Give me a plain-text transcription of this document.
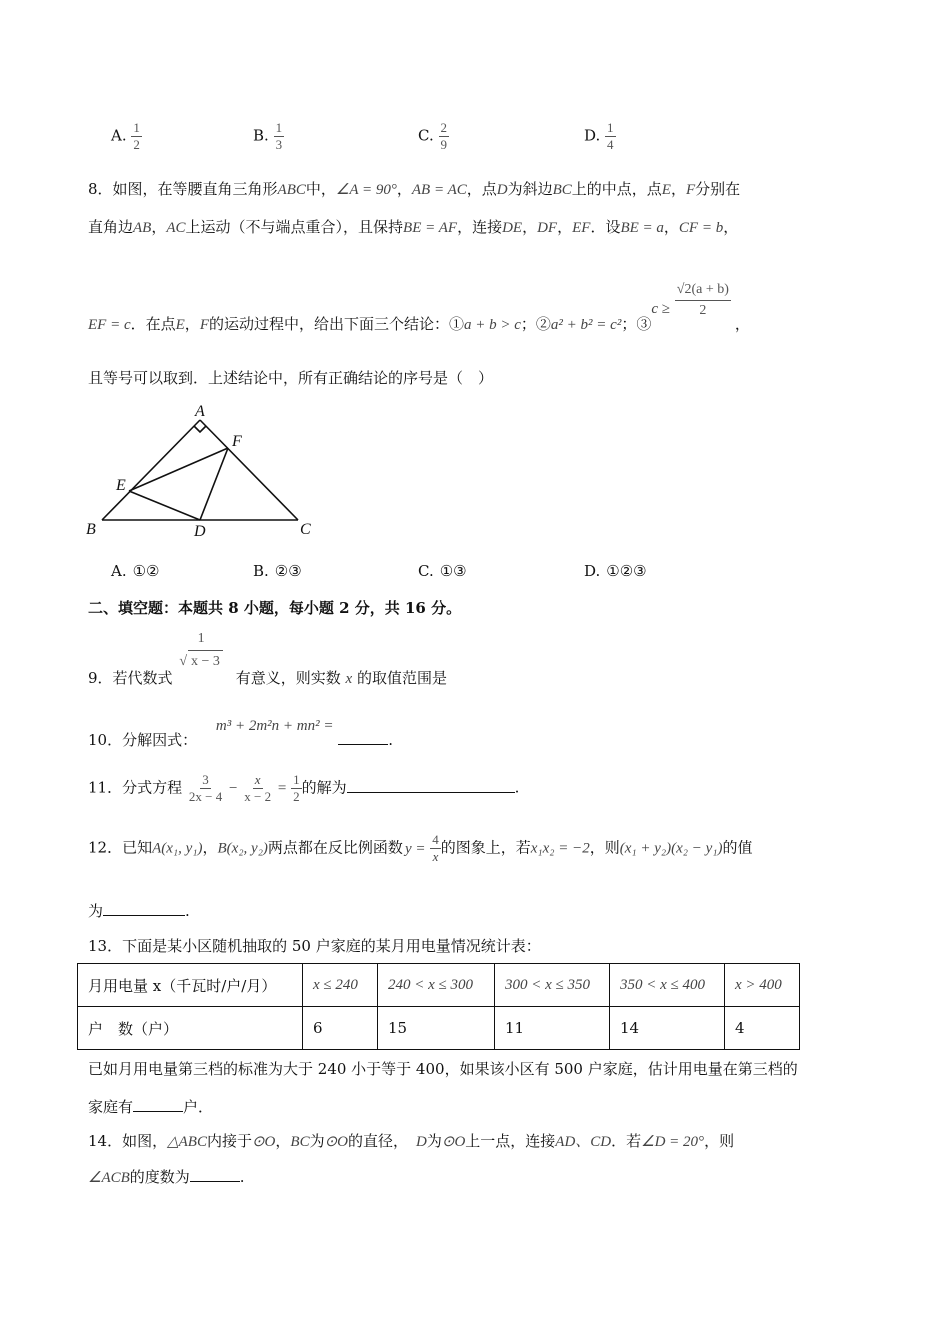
A. $\frac{1}{2}$	B. $\frac{1}{3}$	C. $\frac{2}{9}$	D. $\frac{1}{4}$
8．如图，在等腰直角三角形ABC中，∠A = 90°，AB = AC，点D为斜边BC上的中点，点E，F分别在
直角边AB，AC上运动（不与端点重合），且保持BE = AF，连接DE，DF，EF．设BE = a，CF = b，
EF = c．在点E，F的运动过程中，给出下面三个结论：①a + b > c；②a² + b² = c²；③c ≥ $\frac{√2(a + b)}{2}$
，
且等号可以取到．上述结论中，所有正确结论的序号是（　）
A
F
E
B	D	C
A. ①②	B. ②③	C. ①③	D. ①②③
二、填空题：本题共 8 小题，每小题 2 分，共 16 分。
9．若代数式
1
√ x − 3
有意义，则实数 x 的取值范围是
10．分解因式： m³ + 2m²n + mn² = .
11．分式方程 $\frac{3}{2x - 4} - \frac{x}{x - 2} = \frac{1}{2}$ 的解为	.
12．已知A(x₁, y₁)，B(x₂, y₂)两点都在反比例函数 $y = \frac{4}{x}$ 的图象上，若x₁x₂ = −2，则(x₁ + y₂)(x₂ − y₁)的值
为	.
13．下面是某小区随机抽取的 50 户家庭的某月用电量情况统计表：
月用电量 x（千瓦时/户/月）	x ≤ 240	240 < x ≤ 300	300 < x ≤ 350	350 < x ≤ 400	x > 400
户　数（户）	6	15	11	14	4
已如月用电量第三档的标准为大于 240 小于等于 400，如果该小区有 500 户家庭，估计用电量在第三档的
家庭有	户．
14．如图，△ABC内接于⊙O，BC为⊙O的直径， D为⊙O上一点，连接AD、CD．若∠D = 20°，则
∠ACB的度数为	.
